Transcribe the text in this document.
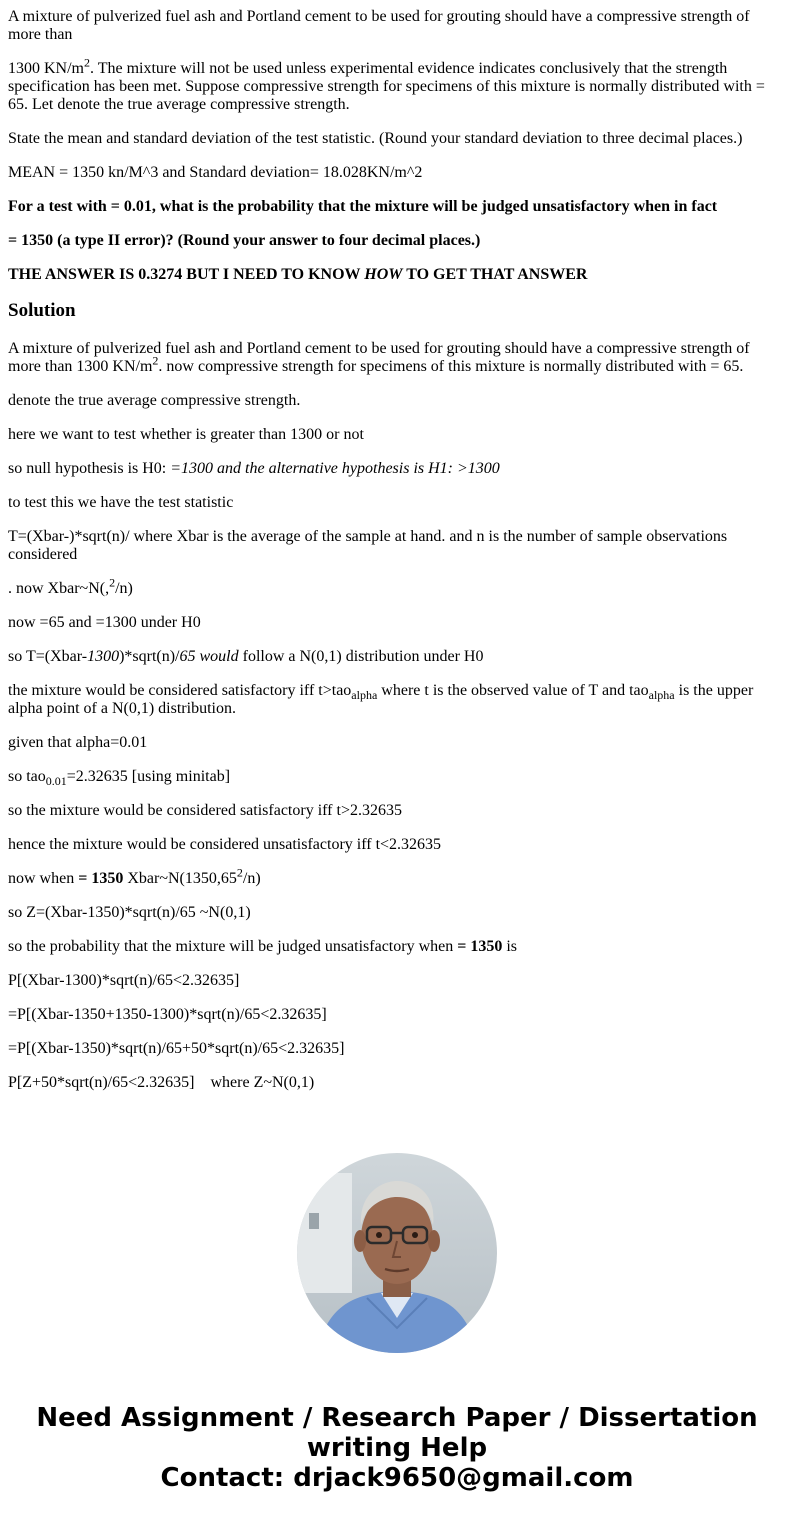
A mixture of pulverized fuel ash and Portland cement to be used for grouting should have a compressive strength of more than

1300 $KN/m^2$. The mixture will not be used unless experimental evidence indicates conclusively that the strength specification has been met. Suppose compressive strength for specimens of this mixture is normally distributed with = 65. Let denote the true average compressive strength.

State the mean and standard deviation of the test statistic. (Round your standard deviation to three decimal places.)

MEAN = 1350 kn/M^3 and Standard deviation= 18.028KN/m^2

For a test with = 0.01, what is the probability that the mixture will be judged unsatisfactory when in fact

= 1350 (a type II error)? (Round your answer to four decimal places.)

THE ANSWER IS 0.3274 BUT I NEED TO KNOW HOW TO GET THAT ANSWER

Solution

A mixture of pulverized fuel ash and Portland cement to be used for grouting should have a compressive strength of more than 1300 $KN/m^2$. now compressive strength for specimens of this mixture is normally distributed with = 65.

denote the true average compressive strength.

here we want to test whether is greater than 1300 or not

so null hypothesis is H0: =1300 and the alternative hypothesis is H1: >1300

to test this we have the test statistic

T=(Xbar-)*sqrt(n)/ where Xbar is the average of the sample at hand. and n is the number of sample observations considered

. now Xbar~N(,$^2$/n)

now =65 and =1300 under H0

so T=(Xbar-1300)*sqrt(n)/65 would follow a N(0,1) distribution under H0

the mixture would be considered satisfactory iff t>tao$_{alpha}$ where t is the observed value of T and tao$_{alpha}$ is the upper alpha point of a N(0,1) distribution.

given that alpha=0.01

so tao$_{0.01}$=2.32635 [using minitab]

so the mixture would be considered satisfactory iff t>2.32635

hence the mixture would be considered unsatisfactory iff t<2.32635

now when = 1350 Xbar~N(1350,65$^2$/n)

so Z=(Xbar-1350)*sqrt(n)/65 ~N(0,1)

so the probability that the mixture will be judged unsatisfactory when = 1350 is

P[(Xbar-1300)*sqrt(n)/65<2.32635]

=P[(Xbar-1350+1350-1300)*sqrt(n)/65<2.32635]

=P[(Xbar-1350)*sqrt(n)/65+50*sqrt(n)/65<2.32635]

P[Z+50*sqrt(n)/65<2.32635]    where Z~N(0,1)

Need Assignment / Research Paper / Dissertation
writing Help
Contact: drjack9650@gmail.com
